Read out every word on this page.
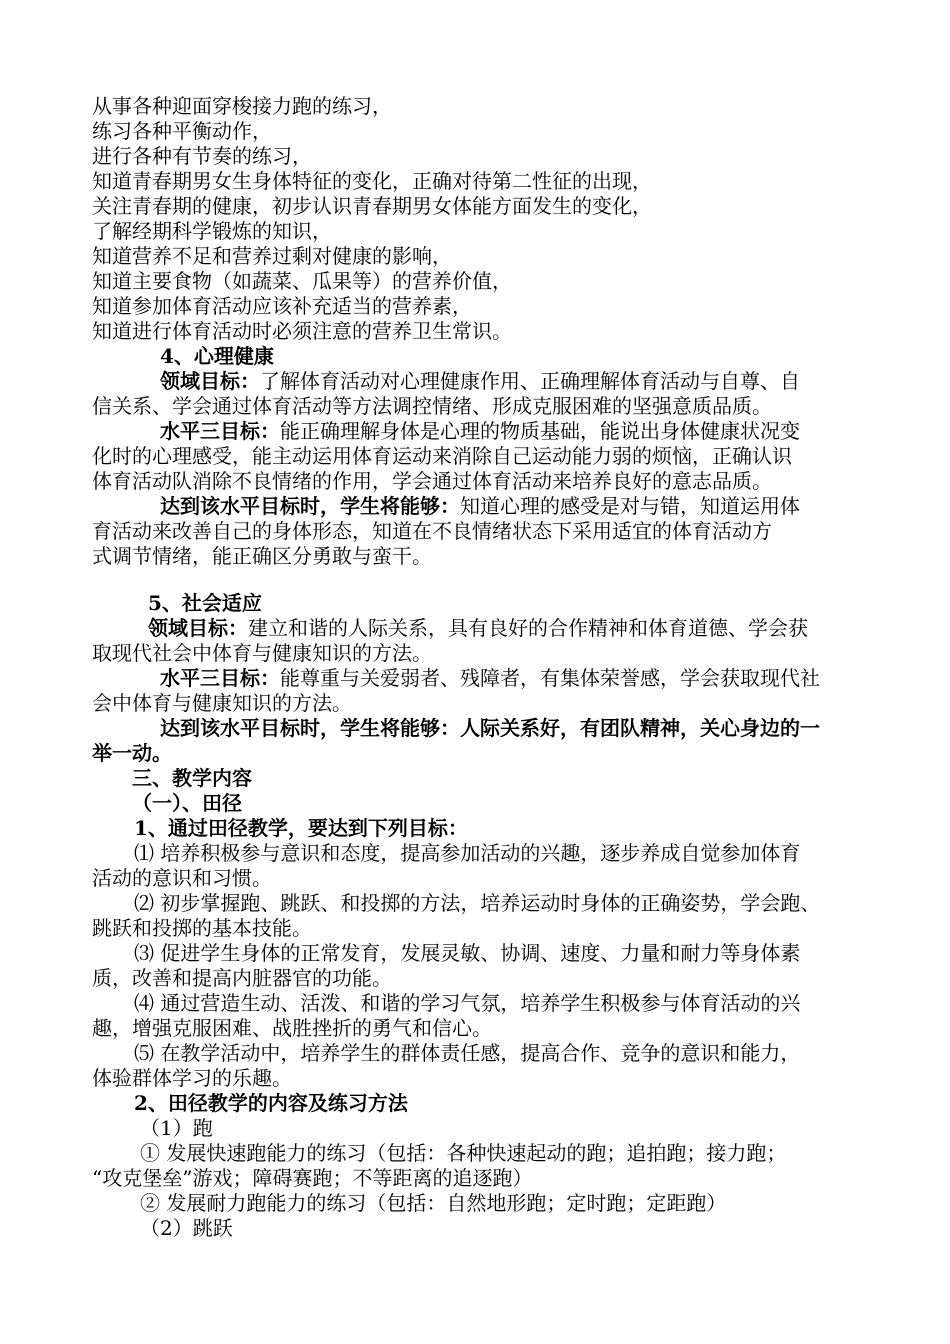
从事各种迎面穿梭接力跑的练习，
练习各种平衡动作，
进行各种有节奏的练习，
知道青春期男女生身体特征的变化，正确对待第二性征的出现，
关注青春期的健康，初步认识青春期男女体能方面发生的变化，
了解经期科学锻炼的知识，
知道营养不足和营养过剩对健康的影响，
知道主要食物（如蔬菜、瓜果等）的营养价值，
知道参加体育活动应该补充适当的营养素，
知道进行体育活动时必须注意的营养卫生常识。
4、心理健康
领域目标：了解体育活动对心理健康作用、正确理解体育活动与自尊、自
信关系、学会通过体育活动等方法调控情绪、形成克服困难的坚强意质品质。
水平三目标：能正确理解身体是心理的物质基础，能说出身体健康状况变
化时的心理感受，能主动运用体育运动来消除自己运动能力弱的烦恼，正确认识
体育活动队消除不良情绪的作用，学会通过体育活动来培养良好的意志品质。
达到该水平目标时，学生将能够：知道心理的感受是对与错，知道运用体
育活动来改善自己的身体形态，知道在不良情绪状态下采用适宜的体育活动方
式调节情绪，能正确区分勇敢与蛮干。
5、社会适应
领域目标：建立和谐的人际关系，具有良好的合作精神和体育道德、学会获
取现代社会中体育与健康知识的方法。
水平三目标：能尊重与关爱弱者、残障者，有集体荣誉感，学会获取现代社
会中体育与健康知识的方法。
达到该水平目标时，学生将能够：人际关系好，有团队精神，关心身边的一
举一动。
三、教学内容
（一）、田径
1、通过田径教学，要达到下列目标：
⑴ 培养积极参与意识和态度，提高参加活动的兴趣，逐步养成自觉参加体育
活动的意识和习惯。
⑵ 初步掌握跑、跳跃、和投掷的方法，培养运动时身体的正确姿势，学会跑、
跳跃和投掷的基本技能。
⑶ 促进学生身体的正常发育，发展灵敏、协调、速度、力量和耐力等身体素
质，改善和提高内脏器官的功能。
⑷ 通过营造生动、活泼、和谐的学习气氛，培养学生积极参与体育活动的兴
趣，增强克服困难、战胜挫折的勇气和信心。
⑸ 在教学活动中，培养学生的群体责任感，提高合作、竞争的意识和能力，
体验群体学习的乐趣。
2、田径教学的内容及练习方法
（1）跑
① 发展快速跑能力的练习（包括：各种快速起动的跑；追拍跑；接力跑；
“攻克堡垒”游戏；障碍赛跑；不等距离的追逐跑）
② 发展耐力跑能力的练习（包括：自然地形跑；定时跑；定距跑）
（2）跳跃
